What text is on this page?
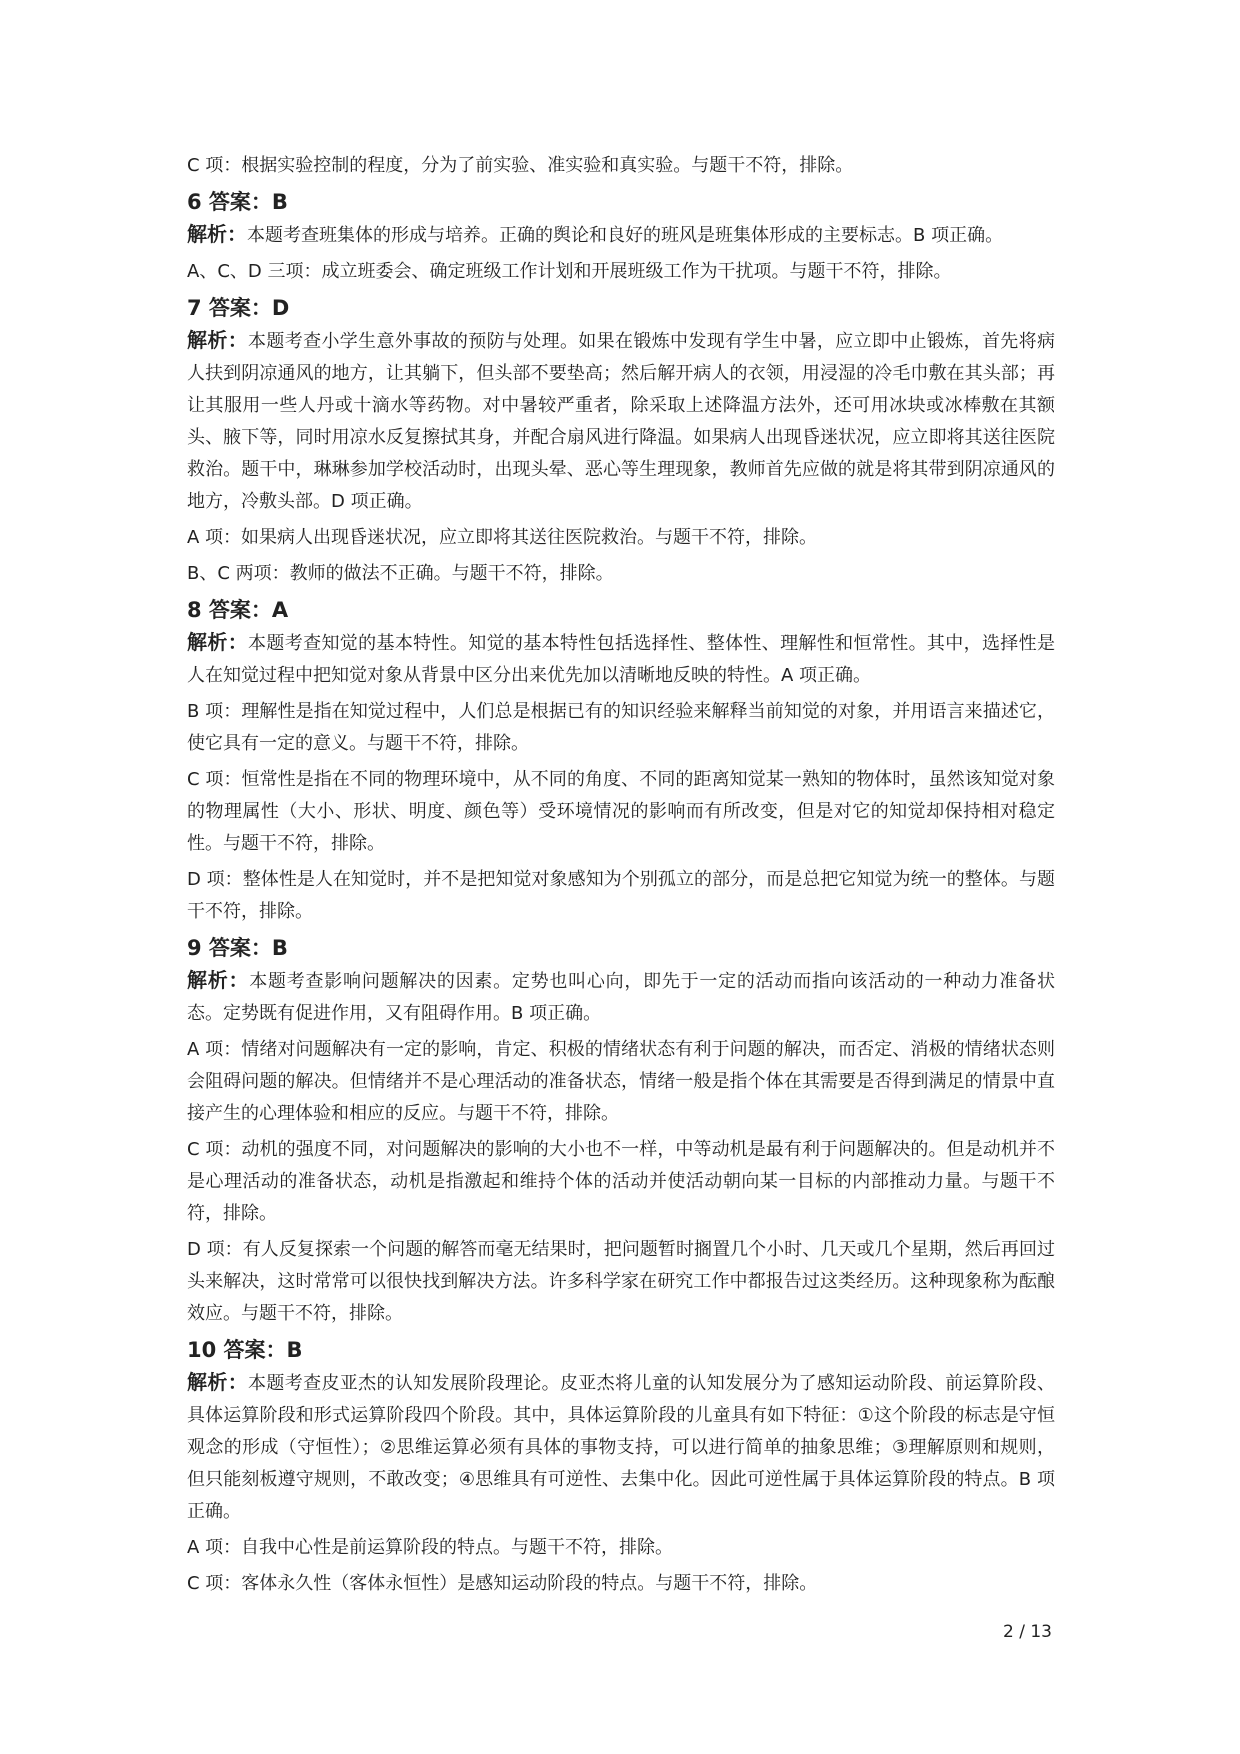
C 项：根据实验控制的程度，分为了前实验、准实验和真实验。与题干不符，排除。

6 答案：B

解析：本题考查班集体的形成与培养。正确的舆论和良好的班风是班集体形成的主要标志。B 项正确。

A、C、D 三项：成立班委会、确定班级工作计划和开展班级工作为干扰项。与题干不符，排除。

7 答案：D

解析：本题考查小学生意外事故的预防与处理。如果在锻炼中发现有学生中暑，应立即中止锻炼，首先将病人扶到阴凉通风的地方，让其躺下，但头部不要垫高；然后解开病人的衣领，用浸湿的冷毛巾敷在其头部；再让其服用一些人丹或十滴水等药物。对中暑较严重者，除采取上述降温方法外，还可用冰块或冰棒敷在其额头、腋下等，同时用凉水反复擦拭其身，并配合扇风进行降温。如果病人出现昏迷状况，应立即将其送往医院救治。题干中，琳琳参加学校活动时，出现头晕、恶心等生理现象，教师首先应做的就是将其带到阴凉通风的地方，冷敷头部。D 项正确。

A 项：如果病人出现昏迷状况，应立即将其送往医院救治。与题干不符，排除。

B、C 两项：教师的做法不正确。与题干不符，排除。

8 答案：A

解析：本题考查知觉的基本特性。知觉的基本特性包括选择性、整体性、理解性和恒常性。其中，选择性是人在知觉过程中把知觉对象从背景中区分出来优先加以清晰地反映的特性。A 项正确。

B 项：理解性是指在知觉过程中，人们总是根据已有的知识经验来解释当前知觉的对象，并用语言来描述它，使它具有一定的意义。与题干不符，排除。

C 项：恒常性是指在不同的物理环境中，从不同的角度、不同的距离知觉某一熟知的物体时，虽然该知觉对象的物理属性（大小、形状、明度、颜色等）受环境情况的影响而有所改变，但是对它的知觉却保持相对稳定性。与题干不符，排除。

D 项：整体性是人在知觉时，并不是把知觉对象感知为个别孤立的部分，而是总把它知觉为统一的整体。与题干不符，排除。

9 答案：B

解析：本题考查影响问题解决的因素。定势也叫心向，即先于一定的活动而指向该活动的一种动力准备状态。定势既有促进作用，又有阻碍作用。B 项正确。

A 项：情绪对问题解决有一定的影响，肯定、积极的情绪状态有利于问题的解决，而否定、消极的情绪状态则会阻碍问题的解决。但情绪并不是心理活动的准备状态，情绪一般是指个体在其需要是否得到满足的情景中直接产生的心理体验和相应的反应。与题干不符，排除。

C 项：动机的强度不同，对问题解决的影响的大小也不一样，中等动机是最有利于问题解决的。但是动机并不是心理活动的准备状态，动机是指激起和维持个体的活动并使活动朝向某一目标的内部推动力量。与题干不符，排除。

D 项：有人反复探索一个问题的解答而毫无结果时，把问题暂时搁置几个小时、几天或几个星期，然后再回过头来解决，这时常常可以很快找到解决方法。许多科学家在研究工作中都报告过这类经历。这种现象称为酝酿效应。与题干不符，排除。

10 答案：B

解析：本题考查皮亚杰的认知发展阶段理论。皮亚杰将儿童的认知发展分为了感知运动阶段、前运算阶段、具体运算阶段和形式运算阶段四个阶段。其中，具体运算阶段的儿童具有如下特征：①这个阶段的标志是守恒观念的形成（守恒性）；②思维运算必须有具体的事物支持，可以进行简单的抽象思维；③理解原则和规则，但只能刻板遵守规则，不敢改变；④思维具有可逆性、去集中化。因此可逆性属于具体运算阶段的特点。B 项正确。

A 项：自我中心性是前运算阶段的特点。与题干不符，排除。

C 项：客体永久性（客体永恒性）是感知运动阶段的特点。与题干不符，排除。

2 / 13
